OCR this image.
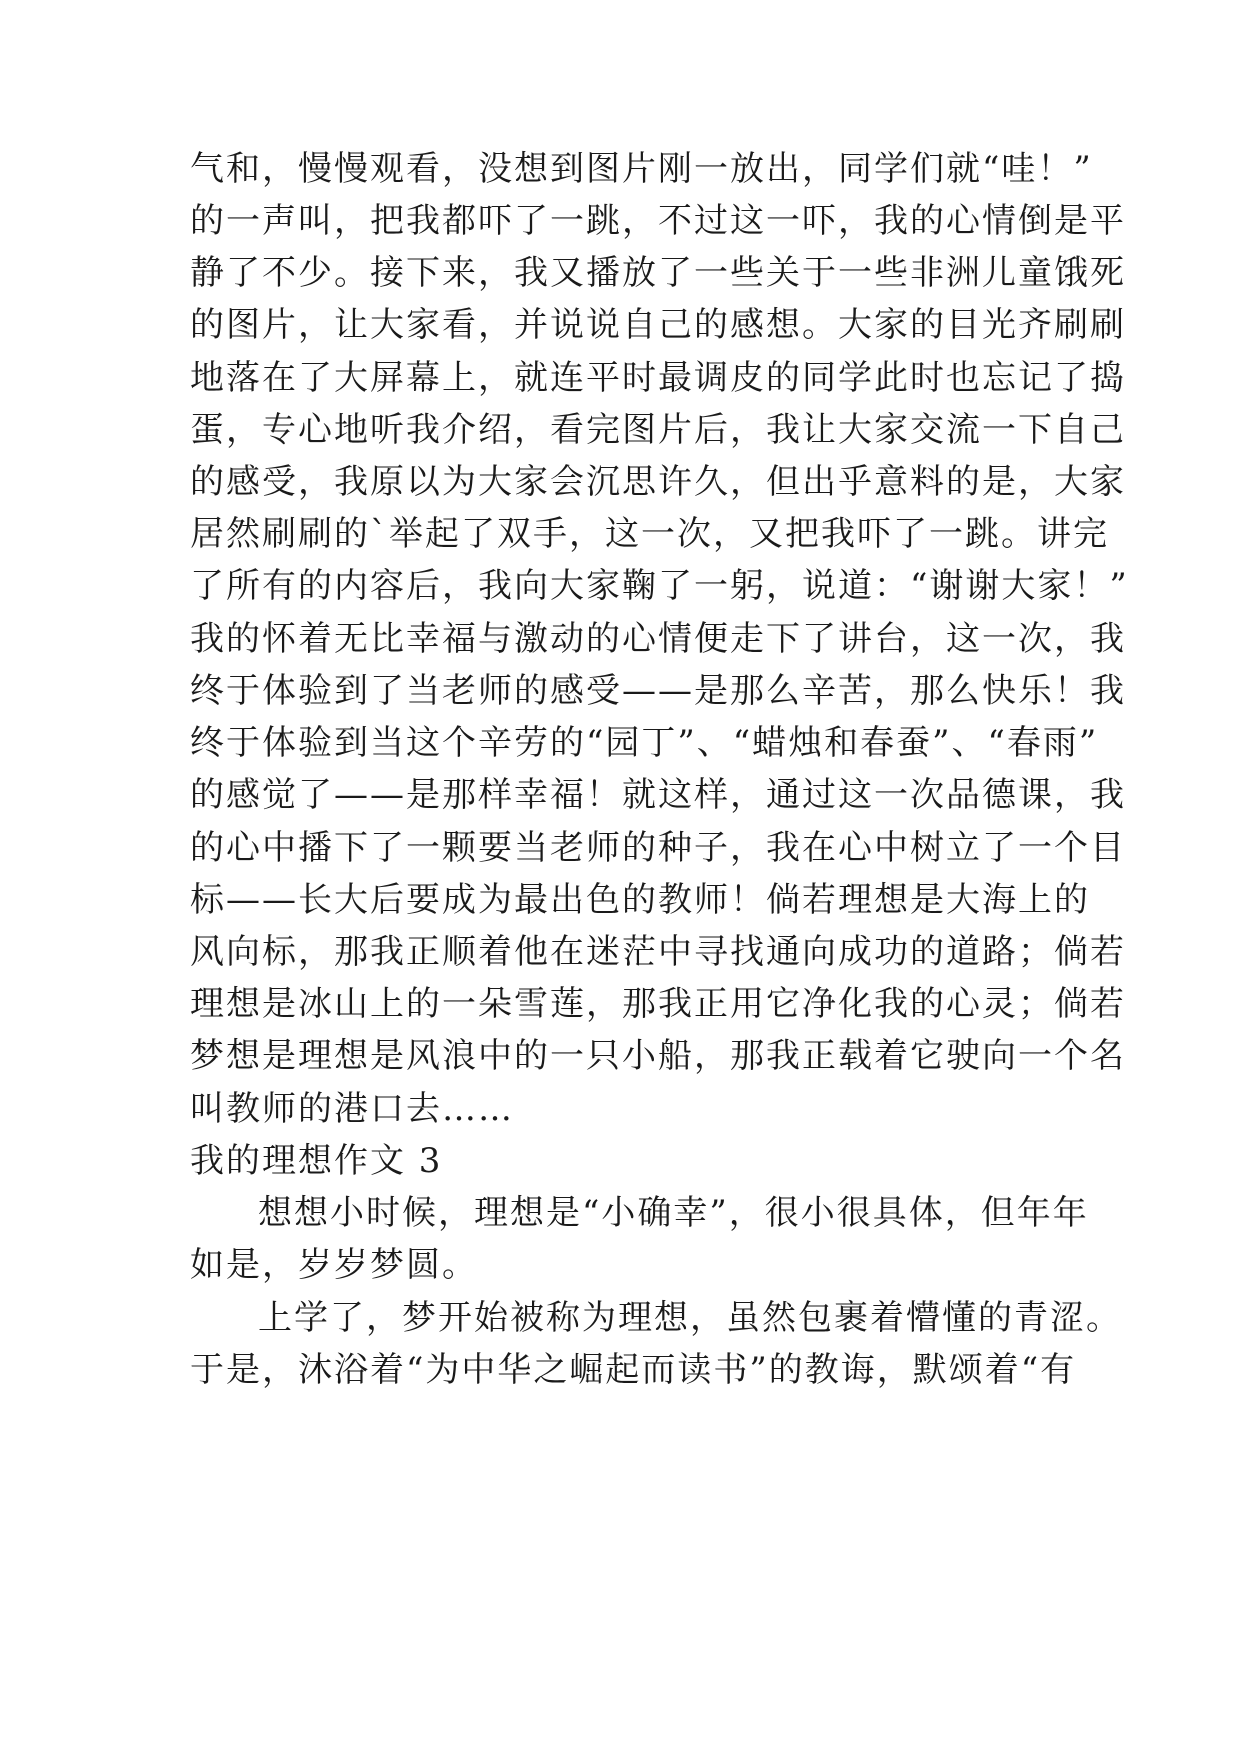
气和，慢慢观看，没想到图片刚一放出，同学们就“哇！”
的一声叫，把我都吓了一跳，不过这一吓，我的心情倒是平
静了不少。接下来，我又播放了一些关于一些非洲儿童饿死
的图片，让大家看，并说说自己的感想。大家的目光齐刷刷
地落在了大屏幕上，就连平时最调皮的同学此时也忘记了捣
蛋，专心地听我介绍，看完图片后，我让大家交流一下自己
的感受，我原以为大家会沉思许久，但出乎意料的是，大家
居然刷刷的`举起了双手，这一次，又把我吓了一跳。讲完
了所有的内容后，我向大家鞠了一躬，说道：“谢谢大家！”
我的怀着无比幸福与激动的心情便走下了讲台，这一次，我
终于体验到了当老师的感受——是那么辛苦，那么快乐！我
终于体验到当这个辛劳的“园丁”、“蜡烛和春蚕”、“春雨”
的感觉了——是那样幸福！就这样，通过这一次品德课，我
的心中播下了一颗要当老师的种子，我在心中树立了一个目
标——长大后要成为最出色的教师！倘若理想是大海上的
风向标，那我正顺着他在迷茫中寻找通向成功的道路；倘若
理想是冰山上的一朵雪莲，那我正用它净化我的心灵；倘若
梦想是理想是风浪中的一只小船，那我正载着它驶向一个名
叫教师的港口去……
我的理想作文 3
想想小时候，理想是“小确幸”，很小很具体，但年年
如是，岁岁梦圆。
上学了，梦开始被称为理想，虽然包裹着懵懂的青涩。
于是，沐浴着“为中华之崛起而读书”的教诲，默颂着“有
